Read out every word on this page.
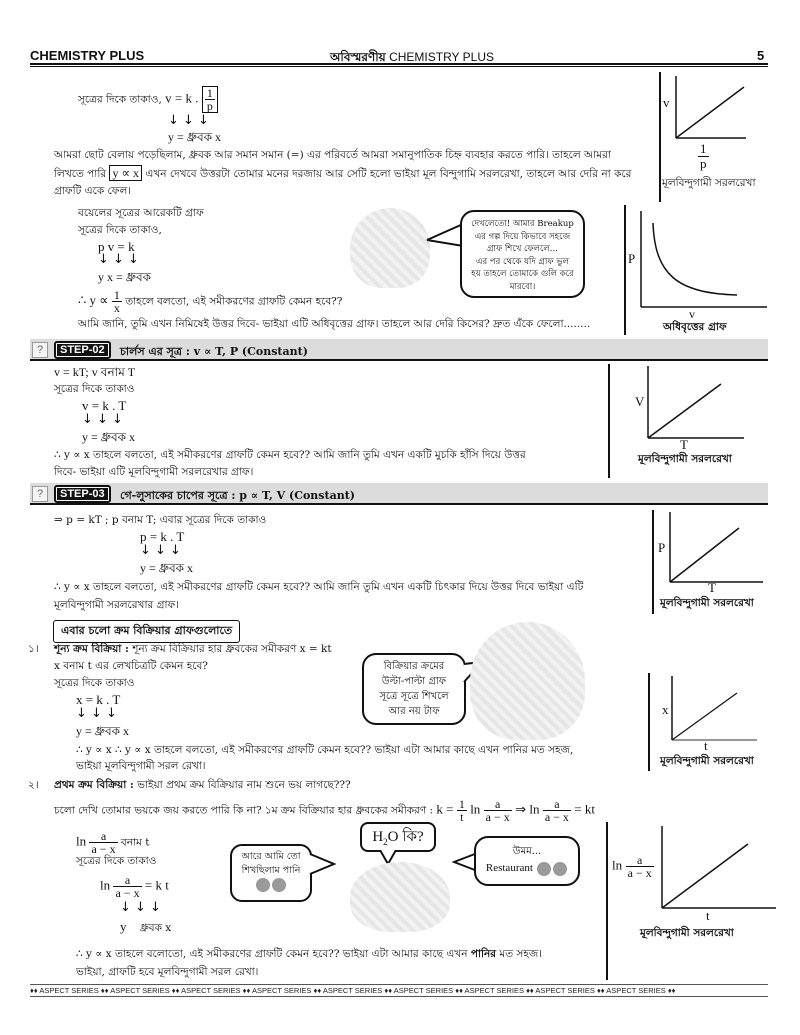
CHEMISTRY PLUS	অবিস্মরণীয় CHEMISTRY PLUS	5
সূত্রের দিকে তাকাও, v = k . $\frac{1}{p}$
↓ ↓ ↓
y = ধ্রুবক x
আমরা ছোট বেলায় পড়েছিলাম, ধ্রুবক আর সমান সমান (=) এর পরিবর্তে আমরা সমানুপাতিক চিহ্ন ব্যবহার করতে পারি। তাহলে আমরা
লিখতে পারি y ∝ x এখন দেখবে উত্তরটা তোমার মনের দরজায় আর সেটি হলো ভাইয়া মূল বিন্দুগামি সরলরেখা, তাহলে আর দেরি না করে
গ্রাফটি একে ফেল।
v
$\frac{1}{p}$
মূলবিন্দুগামী সরলরেখা
বয়েলের সূত্রের আরেকটি গ্রাফ
সূত্রের দিকে তাকাও,
p v = k
↓ ↓ ↓
y x = ধ্রুবক
∴ $y \propto \frac{1}{x}$ তাহলে বলতো, এই সমীকরণের গ্রাফটি কেমন হবে??
আমি জানি, তুমি এখন নিমিষেই উত্তর দিবে- ভাইয়া এটি অধিবৃত্তের গ্রাফ। তাহলে আর দেরি কিসের? দ্রুত এঁকে ফেলো........
দেখলেতো! আমার Breakup
এর গল্প দিয়ে কিভাবে সহজে
গ্রাফ শিখে ফেললে...
এর পর থেকে যদি গ্রাফ ভুল
হয় তাহলে তোমাকে গুলি করে
মারবো।
P
v
অধিবৃত্তের গ্রাফ
?	STEP-02	চার্লস এর সূত্র : v ∝ T, P (Constant)
v = kT; v বনাম T
সূত্রের দিকে তাকাও
v = k . T
↓ ↓ ↓
y = ধ্রুবক x
∴ y ∝ x তাহলে বলতো, এই সমীকরণের গ্রাফটি কেমন হবে?? আমি জানি তুমি এখন একটি মুচকি হাঁসি দিয়ে উত্তর
দিবে- ভাইয়া এটি মূলবিন্দুগামী সরলরেখার গ্রাফ।
V
T
মূলবিন্দুগামী সরলরেখা
?	STEP-03	গে-লুসাকের চাপের সূত্রে : p ∝ T, V (Constant)
⇒ p = kT ; p বনাম T; এবার সূত্রের দিকে তাকাও
p = k . T
↓ ↓ ↓
y = ধ্রুবক x
∴ y ∝ x তাহলে বলতো, এই সমীকরণের গ্রাফটি কেমন হবে?? আমি জানি তুমি এখন একটি চিৎকার দিয়ে উত্তর দিবে ভাইয়া এটি
মূলবিন্দুগামী সরলরেখার গ্রাফ।
P
T
মূলবিন্দুগামী সরলরেখা
এবার চলো ক্রম বিক্রিয়ার গ্রাফগুলোতে
১। শূন্য ক্রম বিক্রিয়া : শূন্য ক্রম বিক্রিয়ার হার ধ্রুবকের সমীকরণ x = kt
x বনাম t এর লেখচিত্রটি কেমন হবে?
সূত্রের দিকে তাকাও
x = k . T
↓ ↓ ↓
y = ধ্রুবক x
∴ y ∝ x ∴ y ∝ x তাহলে বলতো, এই সমীকরণের গ্রাফটি কেমন হবে?? ভাইয়া এটা আমার কাছে এখন পানির মত সহজ,
ভাইয়া মূলবিন্দুগামী সরল রেখা।
বিক্রিয়ার ক্রমের
উল্টা-পাল্টা গ্রাফ
সূত্রে সূত্রে শিখলে
আর নয় টাফ	x
t
মূলবিন্দুগামী সরলরেখা
২। প্রথম ক্রম বিক্রিয়া : ভাইয়া প্রথম ক্রম বিক্রিয়ার নাম শুনে ভয় লাগছে???
চলো দেখি তোমার ভয়কে জয় করতে পারি কি না? ১ম ক্রম বিক্রিয়ার হার ধ্রুবকের সমীকরণ : $k = \frac{1}{t}$ $\ln \frac{a}{a - x}$ ⇒ $\ln \frac{a}{a - x}$ = kt
$\ln \frac{a}{a - x}$ বনাম t
সূত্রের দিকে তাকাও
$\ln \frac{a}{a - x} = k$ t
↓ ↓ ↓
y ধ্রুবক x
∴ y ∝ x তাহলে বলোতো, এই সমীকরণের গ্রাফটি কেমন হবে?? ভাইয়া এটা আমার কাছে এখন পানির মত সহজ।
ভাইয়া, গ্রাফটি হবে মূলবিন্দুগামী সরল রেখা।
আরে আমি তো
শিখছিলাম পানি
$H_2O$ কি?
উমম...
Restaurant	$\ln \frac{a}{a - x}$
t
মূলবিন্দুগামী সরলরেখা
♦♦ ASPECT SERIES ♦♦ ASPECT SERIES ♦♦ ASPECT SERIES ♦♦ ASPECT SERIES ♦♦ ASPECT SERIES ♦♦ ASPECT SERIES ♦♦ ASPECT SERIES ♦♦ ASPECT SERIES ♦♦ ASPECT SERIES ♦♦
